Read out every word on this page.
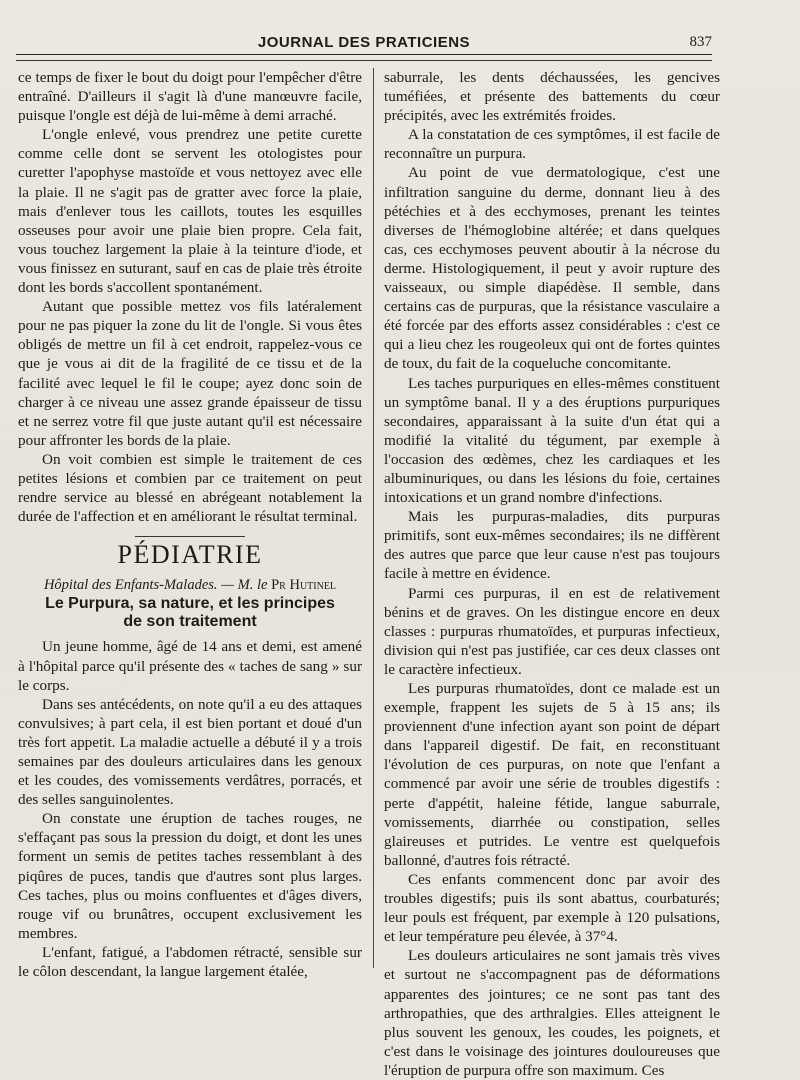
JOURNAL DES PRATICIENS	837

ce temps de fixer le bout du doigt pour l'empêcher d'être entraîné. D'ailleurs il s'agit là d'une manœuvre facile, puisque l'ongle est déjà de lui-même à demi arraché.

L'ongle enlevé, vous prendrez une petite curette comme celle dont se servent les otologistes pour curetter l'apophyse mastoïde et vous nettoyez avec elle la plaie. Il ne s'agit pas de gratter avec force la plaie, mais d'enlever tous les caillots, toutes les esquilles osseuses pour avoir une plaie bien propre. Cela fait, vous touchez largement la plaie à la teinture d'iode, et vous finissez en suturant, sauf en cas de plaie très étroite dont les bords s'accollent spontanément.

Autant que possible mettez vos fils latéralement pour ne pas piquer la zone du lit de l'ongle. Si vous êtes obligés de mettre un fil à cet endroit, rappelez-vous ce que je vous ai dit de la fragilité de ce tissu et de la facilité avec lequel le fil le coupe; ayez donc soin de charger à ce niveau une assez grande épaisseur de tissu et ne serrez votre fil que juste autant qu'il est nécessaire pour affronter les bords de la plaie.

On voit combien est simple le traitement de ces petites lésions et combien par ce traitement on peut rendre service au blessé en abrégeant notablement la durée de l'affection et en améliorant le résultat terminal.

PÉDIATRIE

Hôpital des Enfants-Malades. — M. le Pr Hutinel

Le Purpura, sa nature, et les principes
de son traitement

Un jeune homme, âgé de 14 ans et demi, est amené à l'hôpital parce qu'il présente des « taches de sang » sur le corps.

Dans ses antécédents, on note qu'il a eu des attaques convulsives; à part cela, il est bien portant et doué d'un très fort appetit. La maladie actuelle a débuté il y a trois semaines par des douleurs articulaires dans les genoux et les coudes, des vomissements verdâtres, porracés, et des selles sanguinolentes.

On constate une éruption de taches rouges, ne s'effaçant pas sous la pression du doigt, et dont les unes forment un semis de petites taches ressemblant à des piqûres de puces, tandis que d'autres sont plus larges. Ces taches, plus ou moins confluentes et d'âges divers, rouge vif ou brunâtres, occupent exclusivement les membres.

L'enfant, fatigué, a l'abdomen rétracté, sensible sur le côlon descendant, la langue largement étalée,

saburrale, les dents déchaussées, les gencives tuméfiées, et présente des battements du cœur précipités, avec les extrémités froides.

A la constatation de ces symptômes, il est facile de reconnaître un purpura.

Au point de vue dermatologique, c'est une infiltration sanguine du derme, donnant lieu à des pétéchies et à des ecchymoses, prenant les teintes diverses de l'hémoglobine altérée; et dans quelques cas, ces ecchymoses peuvent aboutir à la nécrose du derme. Histologiquement, il peut y avoir rupture des vaisseaux, ou simple diapédèse. Il semble, dans certains cas de purpuras, que la résistance vasculaire a été forcée par des efforts assez considérables : c'est ce qui a lieu chez les rougeoleux qui ont de fortes quintes de toux, du fait de la coqueluche concomitante.

Les taches purpuriques en elles-mêmes constituent un symptôme banal. Il y a des éruptions purpuriques secondaires, apparaissant à la suite d'un état qui a modifié la vitalité du tégument, par exemple à l'occasion des œdèmes, chez les cardiaques et les albuminuriques, ou dans les lésions du foie, certaines intoxications et un grand nombre d'infections.

Mais les purpuras-maladies, dits purpuras primitifs, sont eux-mêmes secondaires; ils ne diffèrent des autres que parce que leur cause n'est pas toujours facile à mettre en évidence.

Parmi ces purpuras, il en est de relativement bénins et de graves. On les distingue encore en deux classes : purpuras rhumatoïdes, et purpuras infectieux, division qui n'est pas justifiée, car ces deux classes ont le caractère infectieux.

Les purpuras rhumatoïdes, dont ce malade est un exemple, frappent les sujets de 5 à 15 ans; ils proviennent d'une infection ayant son point de départ dans l'appareil digestif. De fait, en reconstituant l'évolution de ces purpuras, on note que l'enfant a commencé par avoir une série de troubles digestifs : perte d'appétit, haleine fétide, langue saburrale, vomissements, diarrhée ou constipation, selles glaireuses et putrides. Le ventre est quelquefois ballonné, d'autres fois rétracté.

Ces enfants commencent donc par avoir des troubles digestifs; puis ils sont abattus, courbaturés; leur pouls est fréquent, par exemple à 120 pulsations, et leur température peu élevée, à 37°4.

Les douleurs articulaires ne sont jamais très vives et surtout ne s'accompagnent pas de déformations apparentes des jointures; ce ne sont pas tant des arthropathies, que des arthralgies. Elles atteignent le plus souvent les genoux, les coudes, les poignets, et c'est dans le voisinage des jointures douloureuses que l'éruption de purpura offre son maximum. Ces
